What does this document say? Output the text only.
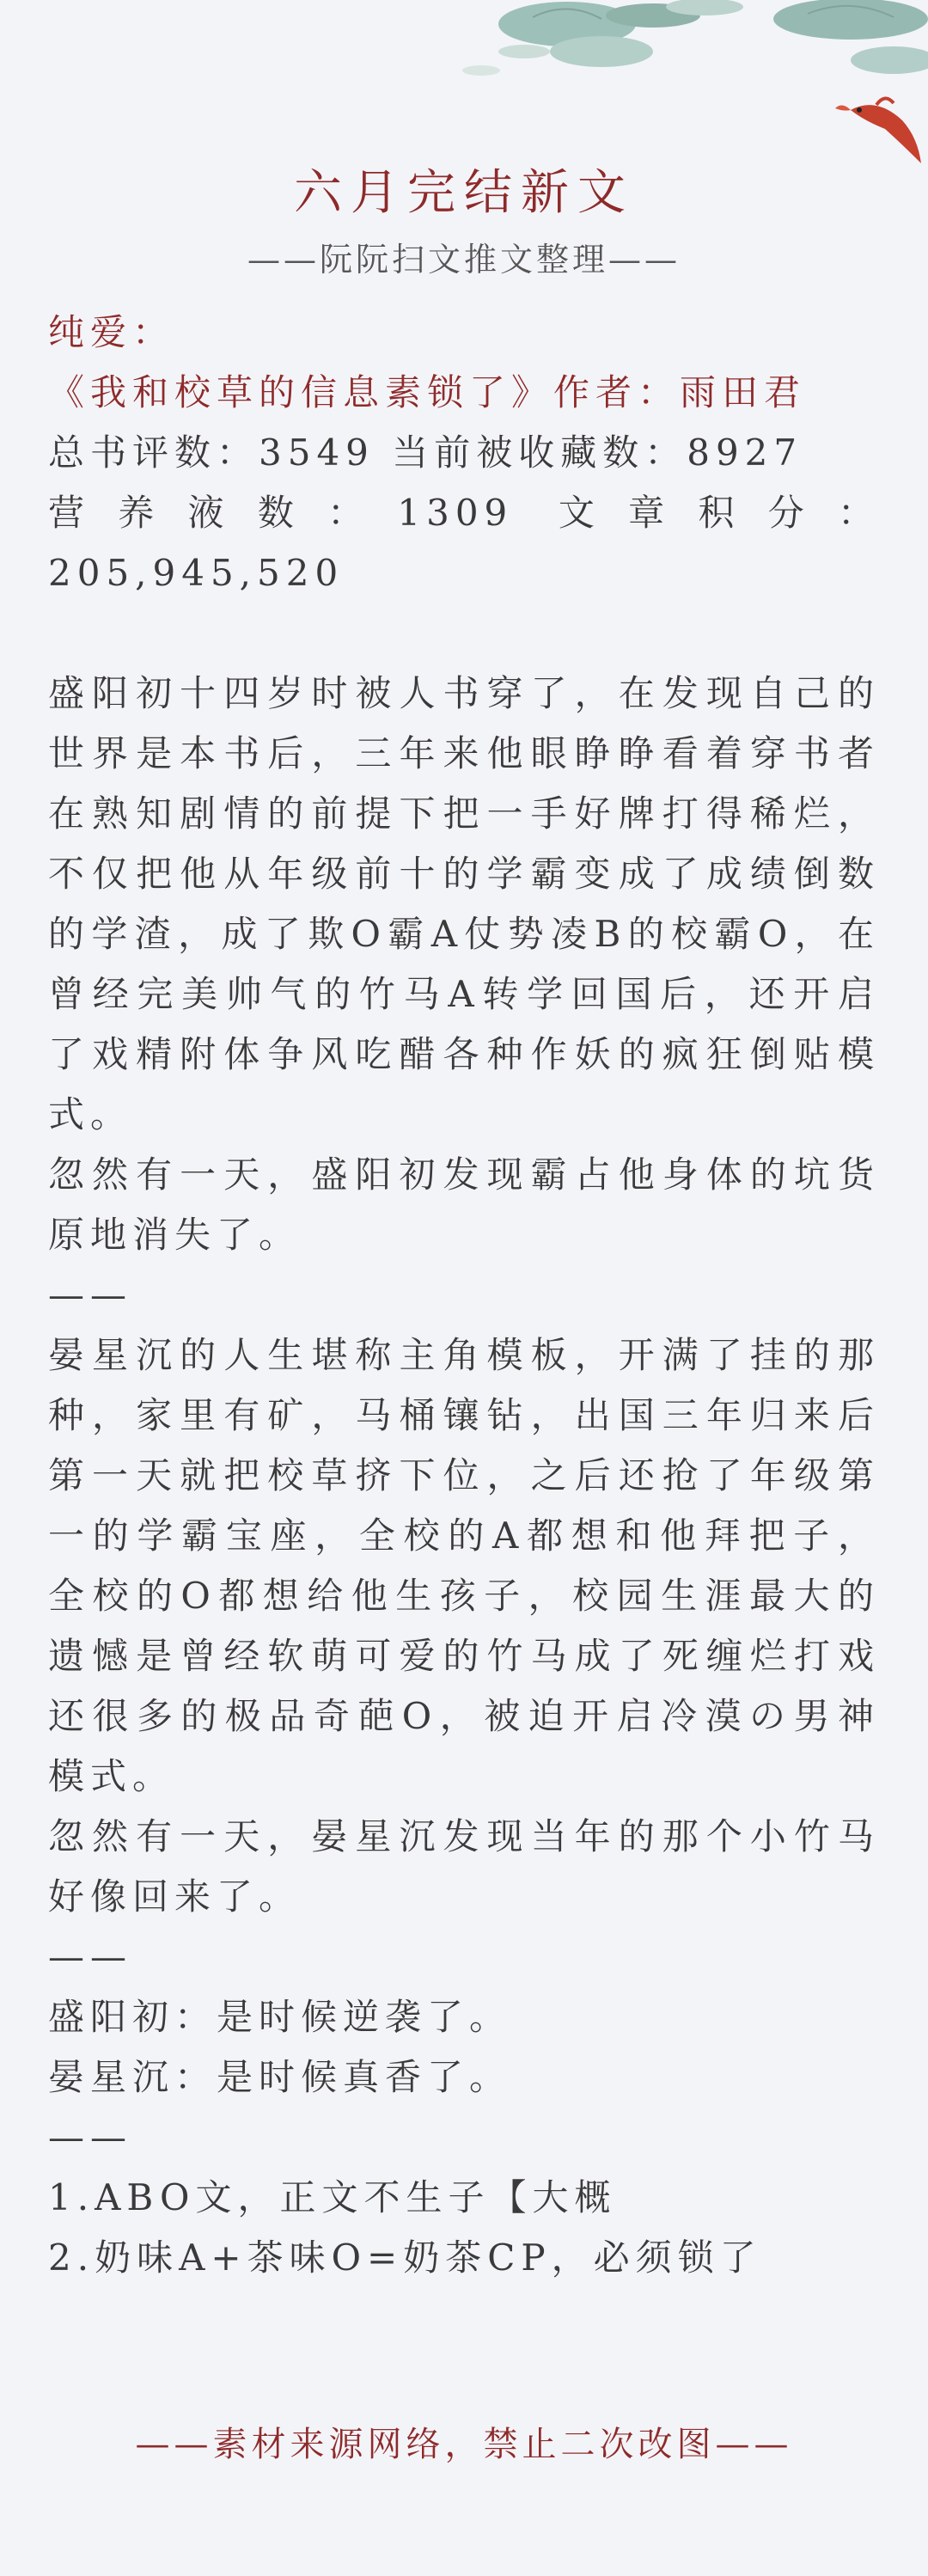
六月完结新文
——阮阮扫文推文整理——

纯爱：

《我和校草的信息素锁了》作者：雨田君

总书评数：3549 当前被收藏数：8927

营养液数：1309 文章积分：205,945,520

盛阳初十四岁时被人书穿了，在发现自己的世界是本书后，三年来他眼睁睁看着穿书者在熟知剧情的前提下把一手好牌打得稀烂，不仅把他从年级前十的学霸变成了成绩倒数的学渣，成了欺O霸A仗势凌B的校霸O，在曾经完美帅气的竹马A转学回国后，还开启了戏精附体争风吃醋各种作妖的疯狂倒贴模式。

忽然有一天，盛阳初发现霸占他身体的坑货原地消失了。

——

晏星沉的人生堪称主角模板，开满了挂的那种，家里有矿，马桶镶钻，出国三年归来后第一天就把校草挤下位，之后还抢了年级第一的学霸宝座，全校的A都想和他拜把子，全校的O都想给他生孩子，校园生涯最大的遗憾是曾经软萌可爱的竹马成了死缠烂打戏还很多的极品奇葩O，被迫开启冷漠の男神模式。

忽然有一天，晏星沉发现当年的那个小竹马好像回来了。

——

盛阳初：是时候逆袭了。

晏星沉：是时候真香了。

——

1.ABO文，正文不生子【大概

2.奶味A+茶味O=奶茶CP，必须锁了

——素材来源网络，禁止二次改图——
